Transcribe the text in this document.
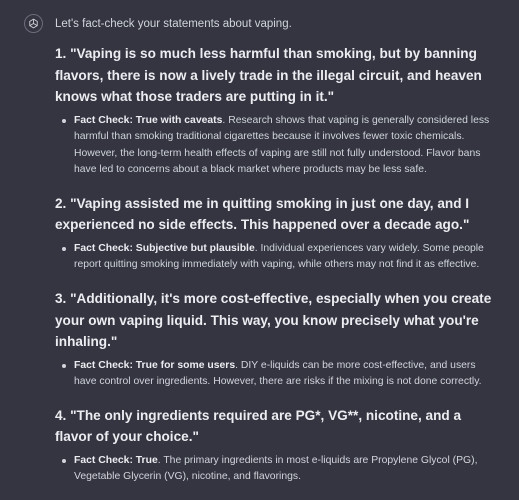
Let's fact-check your statements about vaping.

1. "Vaping is so much less harmful than smoking, but by banning flavors, there is now a lively trade in the illegal circuit, and heaven knows what those traders are putting in it."
Fact Check: True with caveats. Research shows that vaping is generally considered less harmful than smoking traditional cigarettes because it involves fewer toxic chemicals. However, the long-term health effects of vaping are still not fully understood. Flavor bans have led to concerns about a black market where products may be less safe.
2. "Vaping assisted me in quitting smoking in just one day, and I experienced no side effects. This happened over a decade ago."
Fact Check: Subjective but plausible. Individual experiences vary widely. Some people report quitting smoking immediately with vaping, while others may not find it as effective.
3. "Additionally, it's more cost-effective, especially when you create your own vaping liquid. This way, you know precisely what you're inhaling."
Fact Check: True for some users. DIY e-liquids can be more cost-effective, and users have control over ingredients. However, there are risks if the mixing is not done correctly.
4. "The only ingredients required are PG*, VG**, nicotine, and a flavor of your choice."
Fact Check: True. The primary ingredients in most e-liquids are Propylene Glycol (PG), Vegetable Glycerin (VG), nicotine, and flavorings.
